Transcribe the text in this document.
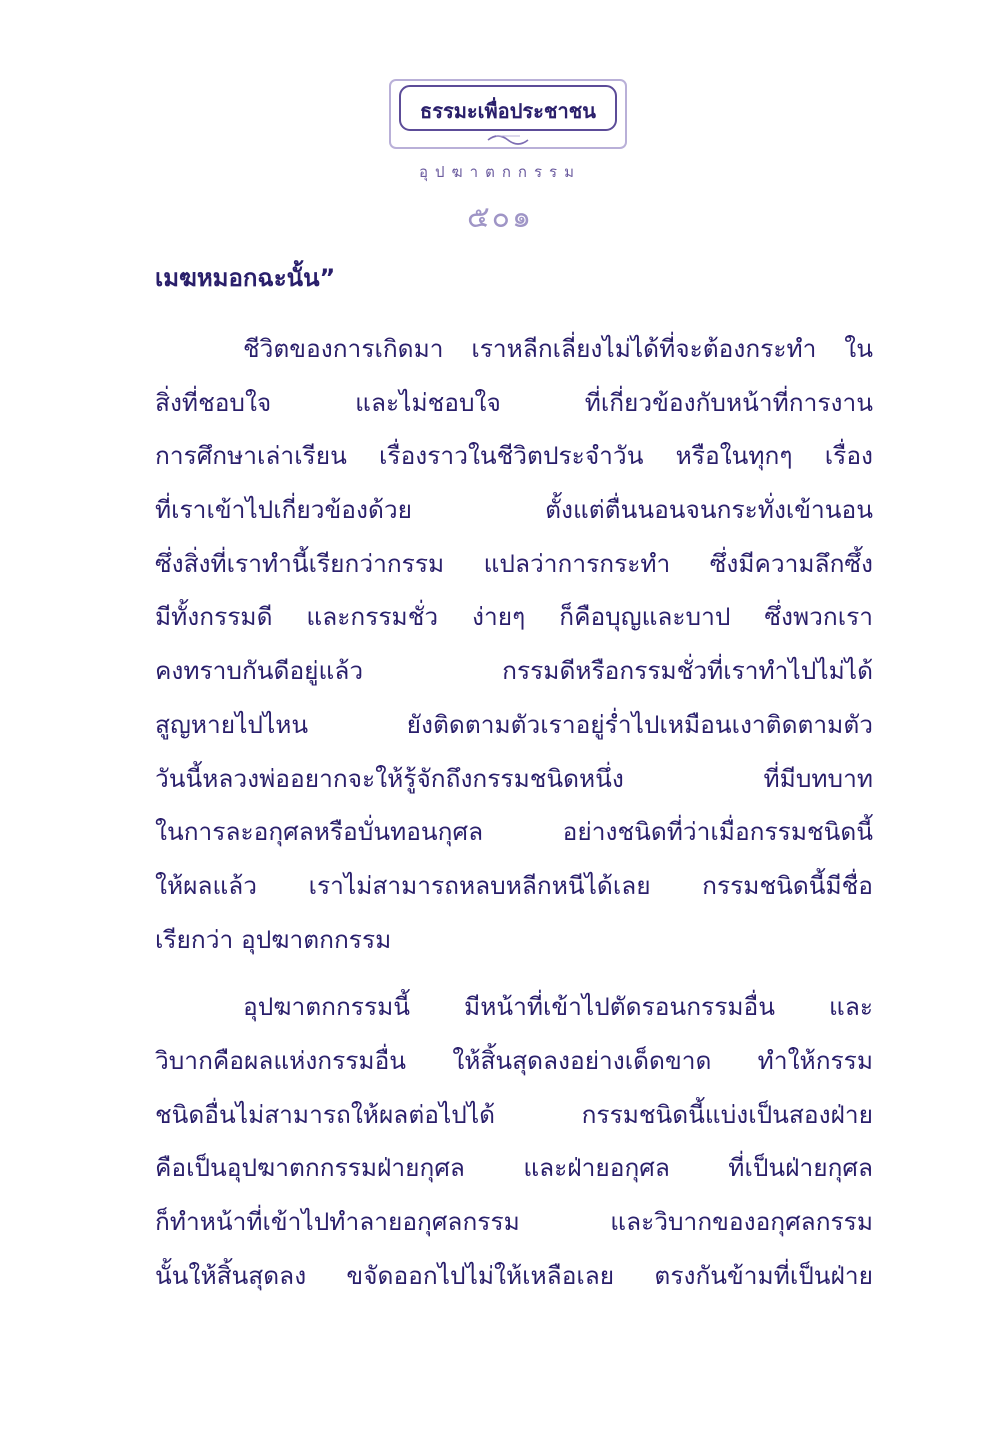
ธรรมะเพื่อประชาชน
อุปฆาตกกรรม
๕๐๑
เมฆหมอกฉะนั้น”
ชีวิตของการเกิดมา เราหลีกเลี่ยงไม่ได้ที่จะต้องกระทำ ใน
สิ่งที่ชอบใจ และไม่ชอบใจ ที่เกี่ยวข้องกับหน้าที่การงาน
การศึกษาเล่าเรียน เรื่องราวในชีวิตประจำวัน หรือในทุกๆ เรื่อง
ที่เราเข้าไปเกี่ยวข้องด้วย ตั้งแต่ตื่นนอนจนกระทั่งเข้านอน
ซึ่งสิ่งที่เราทำนี้เรียกว่ากรรม แปลว่าการกระทำ ซึ่งมีความลึกซึ้ง
มีทั้งกรรมดี และกรรมชั่ว ง่ายๆ ก็คือบุญและบาป ซึ่งพวกเรา
คงทราบกันดีอยู่แล้ว กรรมดีหรือกรรมชั่วที่เราทำไปไม่ได้
สูญหายไปไหน ยังติดตามตัวเราอยู่ร่ำไปเหมือนเงาติดตามตัว
วันนี้หลวงพ่ออยากจะให้รู้จักถึงกรรมชนิดหนึ่ง ที่มีบทบาท
ในการละอกุศลหรือบั่นทอนกุศล อย่างชนิดที่ว่าเมื่อกรรมชนิดนี้
ให้ผลแล้ว เราไม่สามารถหลบหลีกหนีได้เลย กรรมชนิดนี้มีชื่อ
เรียกว่า อุปฆาตกกรรม
อุปฆาตกกรรมนี้ มีหน้าที่เข้าไปตัดรอนกรรมอื่น และ
วิบากคือผลแห่งกรรมอื่น ให้สิ้นสุดลงอย่างเด็ดขาด ทำให้กรรม
ชนิดอื่นไม่สามารถให้ผลต่อไปได้ กรรมชนิดนี้แบ่งเป็นสองฝ่าย
คือเป็นอุปฆาตกกรรมฝ่ายกุศล และฝ่ายอกุศล ที่เป็นฝ่ายกุศล
ก็ทำหน้าที่เข้าไปทำลายอกุศลกรรม และวิบากของอกุศลกรรม
นั้นให้สิ้นสุดลง ขจัดออกไปไม่ให้เหลือเลย ตรงกันข้ามที่เป็นฝ่าย
